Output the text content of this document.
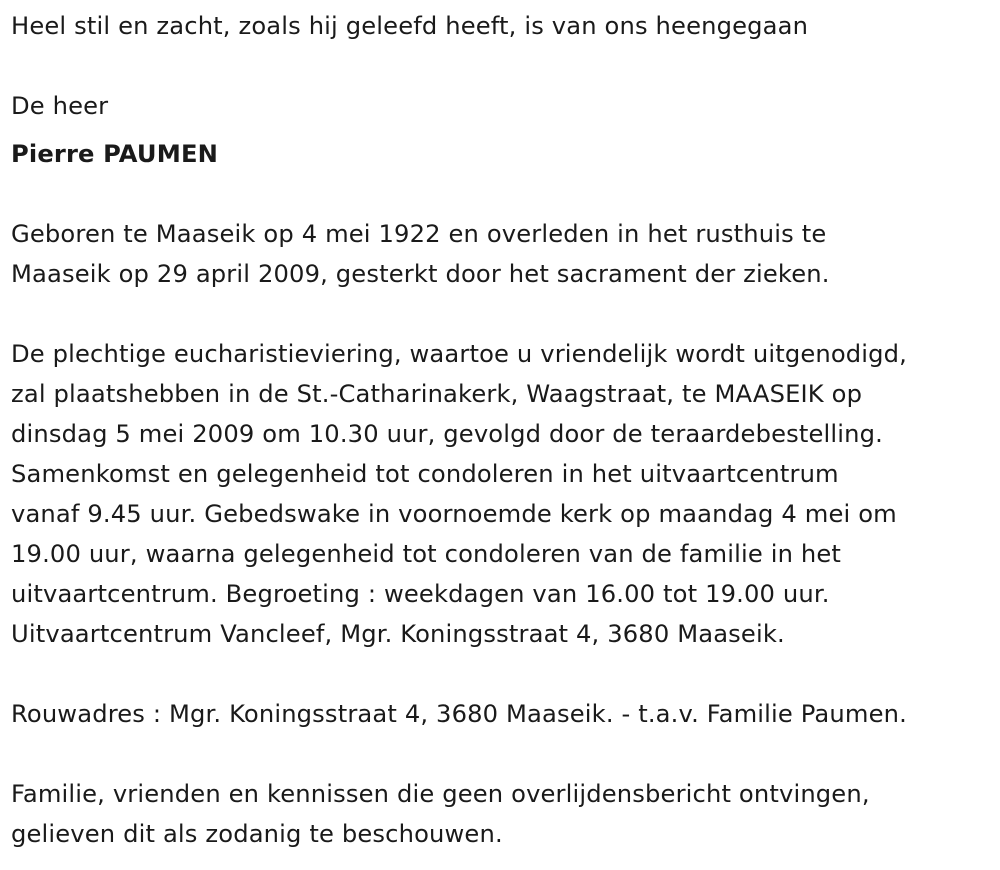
Heel stil en zacht, zoals hij geleefd heeft, is van ons heengegaan

De heer

Pierre PAUMEN

Geboren te Maaseik op 4 mei 1922 en overleden in het rusthuis te

Maaseik op 29 april 2009, gesterkt door het sacrament der zieken.

De plechtige eucharistieviering, waartoe u vriendelijk wordt uitgenodigd,

zal plaatshebben in de St.-Catharinakerk, Waagstraat, te MAASEIK op

dinsdag 5 mei 2009 om 10.30 uur, gevolgd door de teraardebestelling.

Samenkomst en gelegenheid tot condoleren in het uitvaartcentrum

vanaf 9.45 uur. Gebedswake in voornoemde kerk op maandag 4 mei om

19.00 uur, waarna gelegenheid tot condoleren van de familie in het

uitvaartcentrum. Begroeting : weekdagen van 16.00 tot 19.00 uur.

Uitvaartcentrum Vancleef, Mgr. Koningsstraat 4, 3680 Maaseik.

Rouwadres : Mgr. Koningsstraat 4, 3680 Maaseik. - t.a.v. Familie Paumen.

Familie, vrienden en kennissen die geen overlijdensbericht ontvingen,

gelieven dit als zodanig te beschouwen.
